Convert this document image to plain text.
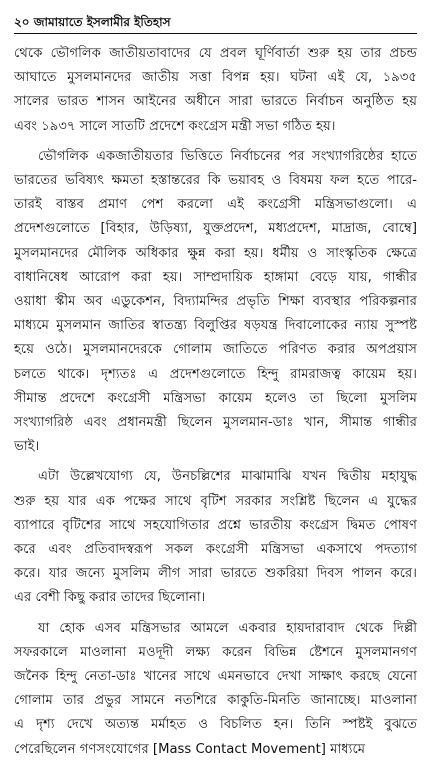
২০ জামায়াতে ইসলামীর ইতিহাস
থেকে ভৌগলিক জাতীয়তাবাদের যে প্রবল ঘূর্ণিবার্তা শুরু হয় তার প্রচন্ড
আঘাতে মুসলমানদের জাতীয় সত্তা বিপন্ন হয়। ঘটনা এই যে, ১৯৩৫
সালের ভারত শাসন আইনের অধীনে সারা ভারতে নির্বাচন অনুষ্ঠিত হয়
এবং ১৯৩৭ সালে সাতটি প্রদেশে কংগ্রেস মন্ত্রী সভা গঠিত হয়।
ভৌগলিক একজাতীয়তার ভিত্তিতে নির্বাচনের পর সংখ্যাগরিষ্ঠের হাতে
ভারতের ভবিষ্যৎ ক্ষমতা হস্তান্তরের কি ভয়াবহ ও বিষময় ফল হতে পারে-
তারই বাস্তব প্রমাণ পেশ করলো এই কংগ্রেসী মন্ত্রিসভাগুলো। এ
প্রদেশগুলোতে [বিহার, উড়িষ্যা, যুক্তপ্রদেশ, মধ্যপ্রদেশ, মাদ্রাজ, বোম্বে]
মুসলমানদের মৌলিক অধিকার ক্ষুন্ন করা হয়। ধর্মীয় ও সাংস্কৃতিক ক্ষেত্রে
বাধানিষেধ আরোপ করা হয়। সাম্প্রদায়িক হাঙ্গামা বেড়ে যায়, গান্ধীর
ওয়াধা স্কীম অব এডুকেশন, বিদ্যামন্দির প্রভৃতি শিক্ষা ব্যবস্থার পরিকল্পনার
মাধ্যমে মুসলমান জাতির স্বাতন্ত্র্য বিলুপ্তির ষড়যন্ত্র দিবালোকের ন্যায় সুস্পষ্ট
হয়ে ওঠে। মুসলমানদেরকে গোলাম জাতিতে পরিণত করার অপপ্রয়াস
চলতে থাকে। দৃশ্যতঃ এ প্রদেশগুলোতে হিন্দু রামরাজত্ব কায়েম হয়।
সীমান্ত প্রদেশে কংগ্রেসী মন্ত্রিসভা কায়েম হলেও তা ছিলো মুসলিম
সংখ্যাগরিষ্ঠ এবং প্রধানমন্ত্রী ছিলেন মুসলমান-ডাঃ খান, সীমান্ত গান্ধীর
ভাই।
এটা উল্লেখযোগ্য যে, উনচল্লিশের মাঝামাঝি যখন দ্বিতীয় মহাযুদ্ধ
শুরু হয় যার এক পক্ষের সাথে বৃটিশ সরকার সংশ্লিষ্ট ছিলেন এ যুদ্ধের
ব্যাপারে বৃটিশের সাথে সহযোগিতার প্রশ্নে ভারতীয় কংগ্রেস দ্বিমত পোষণ
করে এবং প্রতিবাদস্বরূপ সকল কংগ্রেসী মন্ত্রিসভা একসাথে পদত্যাগ
করে। যার জন্যে মুসলিম লীগ সারা ভারতে শুকরিয়া দিবস পালন করে।
এর বেশী কিছু করার তাদের ছিলোনা।
যা হোক এসব মন্ত্রিসভার আমলে একবার হায়দারাবাদ থেকে দিল্লী
সফরকালে মাওলানা মওদূদী লক্ষ্য করেন বিভিন্ন ষ্টেশনে মুসলমানগণ
জনৈক হিন্দু নেতা-ডাঃ খানের সাথে এমনভাবে দেখা সাক্ষাৎ করছে যেনো
গোলাম তার প্রভুর সামনে নতশিরে কাকুতি-মিনতি জানাচ্ছে। মাওলানা
এ দৃশ্য দেখে অত্যন্ত মর্মাহত ও বিচলিত হন। তিনি স্পষ্টই বুঝতে
পেরেছিলেন গণসংযোগের [Mass Contact Movement] মাধ্যমে
